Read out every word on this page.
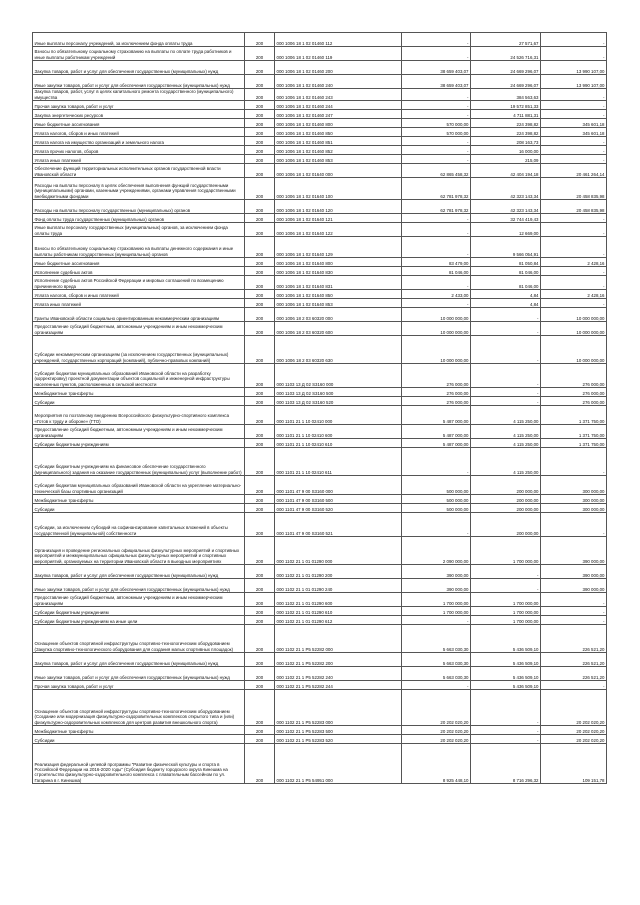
Иные выплаты персоналу учреждений, за исключением фонда оплаты труда	200	000 1006 18 1 02 01460 112	-	27 571,67	-
Взносы по обязательному социальному страхованию на выплаты по оплате труда работников и иные выплаты работникам учреждений	200	000 1006 18 1 02 01460 119	-	24 526 716,31	-
Закупка товаров, работ и услуг для обеспечения государственных (муниципальных) нужд	200	000 1006 18 1 02 01460 200	38 659 403,07	24 669 296,07	13 990 107,00
Иные закупки товаров, работ и услуг для обеспечения государственных (муниципальных) нужд	200	000 1006 18 1 02 01460 240	38 659 403,07	24 669 296,07	13 990 107,00
Закупка товаров, работ, услуг в целях капитального ремонта государственного (муниципального) имущества	200	000 1006 18 1 02 01460 243	-	384 563,63	-
Прочая закупка товаров, работ и услуг	200	000 1006 18 1 02 01460 244	-	19 572 851,33	-
Закупка энергетических ресурсов	200	000 1006 18 1 02 01460 247	-	4 711 881,31	-
Иные бюджетные ассигнования	200	000 1006 18 1 02 01460 800	570 000,00	224 398,82	345 601,18
Уплата налогов, сборов и иных платежей	200	000 1006 18 1 02 01460 850	570 000,00	224 398,82	345 601,18
Уплата налога на имущество организаций и земельного налога	200	000 1006 18 1 02 01460 851	-	208 163,73	-
Уплата прочих налогов, сборов	200	000 1006 18 1 02 01460 852	-	16 000,00	-
Уплата иных платежей	200	000 1006 18 1 02 01460 853	-	215,09	-
Обеспечение функций территориальных исполнительных органов государственной власти Ивановской области	200	000 1006 18 1 02 01640 000	62 865 458,32	42 404 194,18	20 461 264,14
Расходы на выплаты персоналу в целях обеспечения выполнения функций государственными (муниципальными) органами, казенными учреждениями, органами управления государственными внебюджетными фондами	200	000 1006 18 1 02 01640 100	62 781 978,32	42 323 143,34	20 458 835,98
Расходы на выплаты персоналу государственных (муниципальных) органов	200	000 1006 18 1 02 01640 120	62 781 978,32	42 323 143,34	20 458 835,98
Фонд оплаты труда государственных (муниципальных) органов	200	000 1006 18 1 02 01640 121	-	32 744 419,43	-
Иные выплаты персоналу государственных (муниципальных) органов, за исключением фонда оплаты труда	200	000 1006 18 1 02 01640 122	-	12 669,00	-
Взносы по обязательному социальному страхованию на выплаты денежного содержания и иные выплаты работникам государственных (муниципальных) органов	200	000 1006 18 1 02 01640 129	-	9 566 054,91	-
Иные бюджетные ассигнования	200	000 1006 18 1 02 01640 800	83 479,00	81 050,84	2 428,16
Исполнение судебных актов	200	000 1006 18 1 02 01640 830	81 046,00	81 046,00	-
Исполнение судебных актов Российской Федерации и мировых соглашений по возмещению причиненного вреда	200	000 1006 18 1 02 01640 831	-	81 046,00	-
Уплата налогов, сборов и иных платежей	200	000 1006 18 1 02 01640 850	2 433,00	4,84	2 428,16
Уплата иных платежей	200	000 1006 18 1 02 01640 853	-	4,84	-
Гранты Ивановской области социально ориентированным некоммерческим организациям	200	000 1006 18 2 03 60320 000	10 000 000,00	-	10 000 000,00
Предоставление субсидий бюджетным, автономным учреждениям и иным некоммерческим организациям	200	000 1006 18 2 03 60320 600	10 000 000,00	-	10 000 000,00
Субсидии некоммерческим организациям (за исключением государственных (муниципальных) учреждений, государственных корпораций (компаний), публично-правовых компаний)	200	000 1006 18 2 03 60320 630	10 000 000,00	-	10 000 000,00
Субсидия бюджетам муниципальных образований Ивановской области на разработку (корректировку) проектной документации объектов социальной и инженерной инфраструктуры населенных пунктов, расположенных в сельской местности	200	000 1103 13 Д 02 S3160 000	276 000,00	-	276 000,00
Межбюджетные трансферты	200	000 1103 13 Д 02 S3160 500	276 000,00	-	276 000,00
Субсидии	200	000 1103 13 Д 02 S3160 520	276 000,00	-	276 000,00
Мероприятия по поэтапному внедрению Всероссийского физкультурно-спортивного комплекса «Готов к труду и обороне» (ГТО)	200	000 1101 21 1 10 02410 000	5 487 000,00	4 115 250,00	1 371 750,00
Предоставление субсидий бюджетным, автономным учреждениям и иным некоммерческим организациям	200	000 1101 21 1 10 02410 600	5 487 000,00	4 115 250,00	1 371 750,00
Субсидии бюджетным учреждениям	200	000 1101 21 1 10 02410 610	5 487 000,00	4 115 250,00	1 371 750,00
Субсидии бюджетным учреждениям на финансовое обеспечение государственного (муниципального) задания на оказание государственных (муниципальных) услуг (выполнение работ)	200	000 1101 21 1 10 02410 611	-	4 115 250,00	-
Субсидия бюджетам муниципальных образований Ивановской области на укрепление материально-технической базы спортивных организаций	200	000 1101 47 9 00 S3160 000	500 000,00	200 000,00	300 000,00
Межбюджетные трансферты	200	000 1101 47 9 00 S3160 500	500 000,00	200 000,00	300 000,00
Субсидии	200	000 1101 47 9 00 S3160 520	500 000,00	200 000,00	300 000,00
Субсидии, за исключением субсидий на софинансирование капитальных вложений в объекты государственной (муниципальной) собственности	200	000 1101 47 9 00 S3160 521	-	200 000,00	-
Организация и проведение региональных официальных физкультурных мероприятий и спортивных мероприятий и межмуниципальных официальных физкультурных мероприятий и спортивных мероприятий, организуемых на территории Ивановской области в выездных мероприятиях	200	000 1102 21 1 01 01290 000	2 090 000,00	1 700 000,00	390 000,00
Закупка товаров, работ и услуг для обеспечения государственных (муниципальных) нужд	200	000 1102 21 1 01 01290 200	390 000,00	-	390 000,00
Иные закупки товаров, работ и услуг для обеспечения государственных (муниципальных) нужд	200	000 1102 21 1 01 01290 240	390 000,00	-	390 000,00
Предоставление субсидий бюджетным, автономным учреждениям и иным некоммерческим организациям	200	000 1102 21 1 01 01290 600	1 700 000,00	1 700 000,00	-
Субсидии бюджетным учреждениям	200	000 1102 21 1 01 01290 610	1 700 000,00	1 700 000,00	-
Субсидии бюджетным учреждениям на иные цели	200	000 1102 21 1 01 01290 612	-	1 700 000,00	-
Оснащение объектов спортивной инфраструктуры спортивно-технологическим оборудованием (Закупка спортивно-технологического оборудования для создания малых спортивных площадок)	200	000 1102 21 1 P5 52282 000	5 663 030,30	5 436 509,10	226 521,20
Закупка товаров, работ и услуг для обеспечения государственных (муниципальных) нужд	200	000 1102 21 1 P5 52282 200	5 663 030,30	5 436 509,10	226 521,20
Иные закупки товаров, работ и услуг для обеспечения государственных (муниципальных) нужд	200	000 1102 21 1 P5 52282 240	5 663 030,30	5 436 509,10	226 521,20
Прочая закупка товаров, работ и услуг	200	000 1102 21 1 P5 52282 244	-	5 436 509,10	-
Оснащение объектов спортивной инфраструктуры спортивно-технологическим оборудованием (Создание или модернизация физкультурно-оздоровительных комплексов открытого типа и (или) физкультурно-оздоровительных комплексов для центров развития внешкольного спорта)	200	000 1102 21 1 P5 52283 000	20 202 020,20	-	20 202 020,20
Межбюджетные трансферты	200	000 1102 21 1 P5 52283 500	20 202 020,20	-	20 202 020,20
Субсидии	200	000 1102 21 1 P5 52283 520	20 202 020,20	-	20 202 020,20
Реализация федеральной целевой программы "Развитие физической культуры и спорта в Российской Федерации на 2016-2020 годы" (Субсидия бюджету городского округа Кинешма на строительство физкультурно-оздоровительного комплекса с плавательным бассейном по ул. Гагарина в г. Кинешма)	200	000 1102 21 1 P5 54951 000	8 925 448,10	8 716 296,32	109 151,78
